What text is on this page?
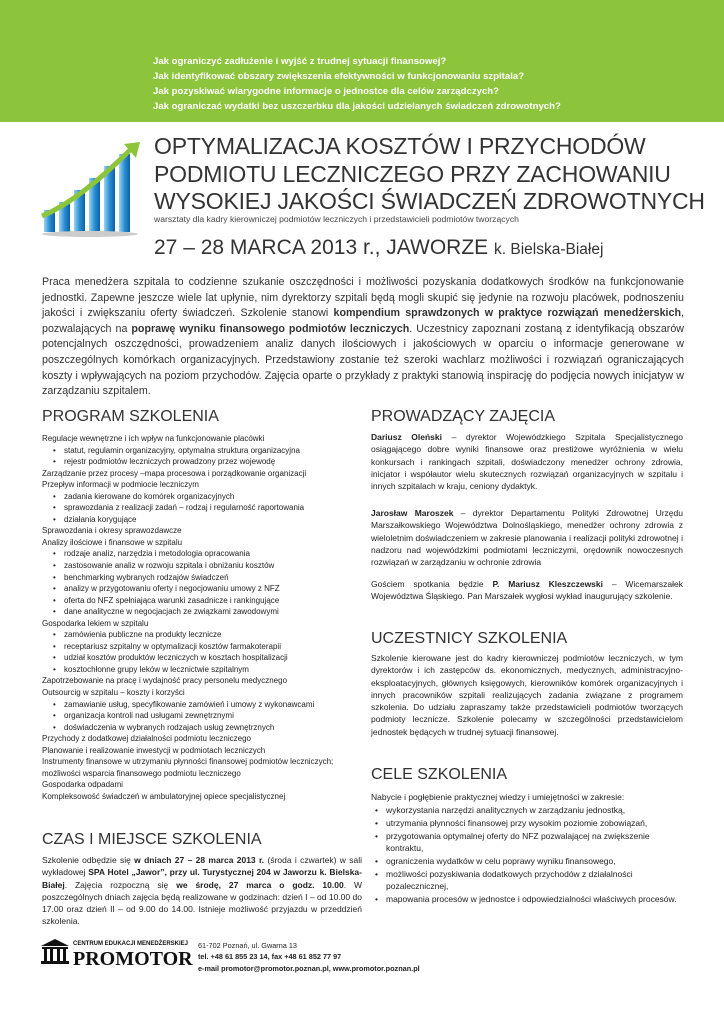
Jak ograniczyć zadłużenie i wyjść z trudnej sytuacji finansowej?
Jak identyfikować obszary zwiększenia efektywności w funkcjonowaniu szpitala?
Jak pozyskiwać wiarygodne informacje o jednostce dla celów zarządczych?
Jak ograniczać wydatki bez uszczerbku dla jakości udzielanych świadczeń zdrowotnych?
OPTYMALIZACJA KOSZTÓW I PRZYCHODÓW
PODMIOTU LECZNICZEGO PRZY ZACHOWANIU
WYSOKIEJ JAKOŚCI ŚWIADCZEŃ ZDROWOTNYCH
warsztaty dla kadry kierowniczej podmiotów leczniczych i przedstawicieli podmiotów tworzących
27 – 28 MARCA 2013 r., JAWORZE k. Bielska-Białej
Praca menedżera szpitala to codzienne szukanie oszczędności i możliwości pozyskania dodatkowych środków na funkcjonowanie jednostki. Zapewne jeszcze wiele lat upłynie, nim dyrektorzy szpitali będą mogli skupić się jedynie na rozwoju placówek, podnoszeniu jakości i zwiększaniu oferty świadczeń. Szkolenie stanowi kompendium sprawdzonych w praktyce rozwiązań menedżerskich, pozwalających na poprawę wyniku finansowego podmiotów leczniczych. Uczestnicy zapoznani zostaną z identyfikacją obszarów potencjalnych oszczędności, prowadzeniem analiz danych ilościowych i jakościowych w oparciu o informacje generowane w poszczególnych komórkach organizacyjnych. Przedstawiony zostanie też szeroki wachlarz możliwości i rozwiązań ograniczających koszty i wpływających na poziom przychodów. Zajęcia oparte o przykłady z praktyki stanowią inspirację do podjęcia nowych inicjatyw w zarządzaniu szpitalem.
PROGRAM SZKOLENIA
Regulacje wewnętrzne i ich wpływ na funkcjonowanie placówki
• statut, regulamin organizacyjny, optymalna struktura organizacyjna
• rejestr podmiotów leczniczych prowadzony przez wojewodę
Zarządzanie przez procesy –mapa procesowa i porządkowanie organizacji
Przepływ informacji w podmiocie leczniczym
• zadania kierowane do komórek organizacyjnych
• sprawozdania z realizacji zadań – rodzaj i regularność raportowania
• działania korygujące
Sprawozdania i okresy sprawozdawcze
Analizy ilościowe i finansowe w szpitalu
• rodzaje analiz, narzędzia i metodologia opracowania
• zastosowanie analiz w rozwoju szpitala i obniżaniu kosztów
• benchmarking wybranych rodzajów świadczeń
• analizy w przygotowaniu oferty i negocjowaniu umowy z NFZ
• oferta do NFZ spełniająca warunki zasadnicze i rankingujące
• dane analityczne w negocjacjach ze związkami zawodowymi
Gospodarka lekiem w szpitalu
• zamówienia publiczne na produkty lecznicze
• receptariusz szpitalny w optymalizacji kosztów farmakoterapii
• udział kosztów produktów leczniczych w kosztach hospitalizacji
• kosztochłonne grupy leków w lecznictwie szpitalnym
Zapotrzebowanie na pracę i wydajność pracy personelu medycznego
Outsourcig w szpitalu – koszty i korzyści
• zamawianie usług, specyfikowanie zamówień i umowy z wykonawcami
• organizacja kontroli nad usługami zewnętrznymi
• doświadczenia w wybranych rodzajach usług zewnętrznych
Przychody z dodatkowej działalności podmiotu leczniczego
Planowanie i realizowanie inwestycji w podmiotach leczniczych
Instrumenty finansowe w utrzymaniu płynności finansowej podmiotów leczniczych; możliwości wsparcia finansowego podmiotu leczniczego
Gospodarka odpadami
Kompleksowość świadczeń w ambulatoryjnej opiece specjalistycznej
CZAS I MIEJSCE SZKOLENIA
Szkolenie odbędzie się w dniach 27 – 28 marca 2013 r. (środa i czwartek) w sali wykładowej SPA Hotel „Jawor”, przy ul. Turystycznej 204 w Jaworzu k. Bielska-Białej. Zajęcia rozpoczną się we środę, 27 marca o godz. 10.00. W poszczególnych dniach zajęcia będą realizowane w godzinach: dzień I – od 10.00 do 17.00 oraz dzień II – od 9.00 do 14.00. Istnieje możliwość przyjazdu w przeddzień szkolenia.
PROWADZĄCY ZAJĘCIA
Dariusz Oleński – dyrektor Wojewódzkiego Szpitala Specjalistycznego osiągającego dobre wyniki finansowe oraz prestiżowe wyróżnienia w wielu konkursach i rankingach szpitali, doświadczony menedżer ochrony zdrowia, inicjator i współautor wielu skutecznych rozwiązań organizacyjnych w szpitalu i innych szpitalach w kraju, ceniony dydaktyk.
Jarosław Maroszek – dyrektor Departamentu Polityki Zdrowotnej Urzędu Marszałkowskiego Województwa Dolnośląskiego, menedżer ochrony zdrowia z wieloletnim doświadczeniem w zakresie planowania i realizacji polityki zdrowotnej i nadzoru nad wojewódzkimi podmiotami leczniczymi, orędownik nowoczesnych rozwiązań w zarządzaniu w ochronie zdrowia
Gościem spotkania będzie P. Mariusz Kleszczewski – Wicemarszałek Województwa Śląskiego. Pan Marszałek wygłosi wykład inaugurujący szkolenie.
UCZESTNICY SZKOLENIA
Szkolenie kierowane jest do kadry kierowniczej podmiotów leczniczych, w tym dyrektorów i ich zastępców ds. ekonomicznych, medycznych, administracyjno-eksploatacyjnych, głównych księgowych, kierowników komórek organizacyjnych i innych pracowników szpitali realizujących zadania związane z programem szkolenia. Do udziału zapraszamy także przedstawicieli podmiotów tworzących podmioty lecznicze. Szkolenie polecamy w szczególności przedstawicielom jednostek będących w trudnej sytuacji finansowej.
CELE SZKOLENIA
Nabycie i pogłębienie praktycznej wiedzy i umiejętności w zakresie:
• wykorzystania narzędzi analitycznych w zarządzaniu jednostką,
• utrzymania płynności finansowej przy wysokim poziomie zobowiązań,
• przygotowania optymalnej oferty do NFZ pozwalającej na zwiększenie kontraktu,
• ograniczenia wydatków w celu poprawy wyniku finansowego,
• możliwości pozyskiwania dodatkowych przychodów z działalności pozalecznicznej,
• mapowania procesów w jednostce i odpowiedzialności właściwych procesów.
CENTRUM EDUKACJI MENEDŻERSKIEJ
PROMOTOR
61-702 Poznań, ul. Gwarna 13
tel. +48 61 855 23 14, fax +48 61 852 77 97
e-mail promotor@promotor.poznan.pl, www.promotor.poznan.pl
